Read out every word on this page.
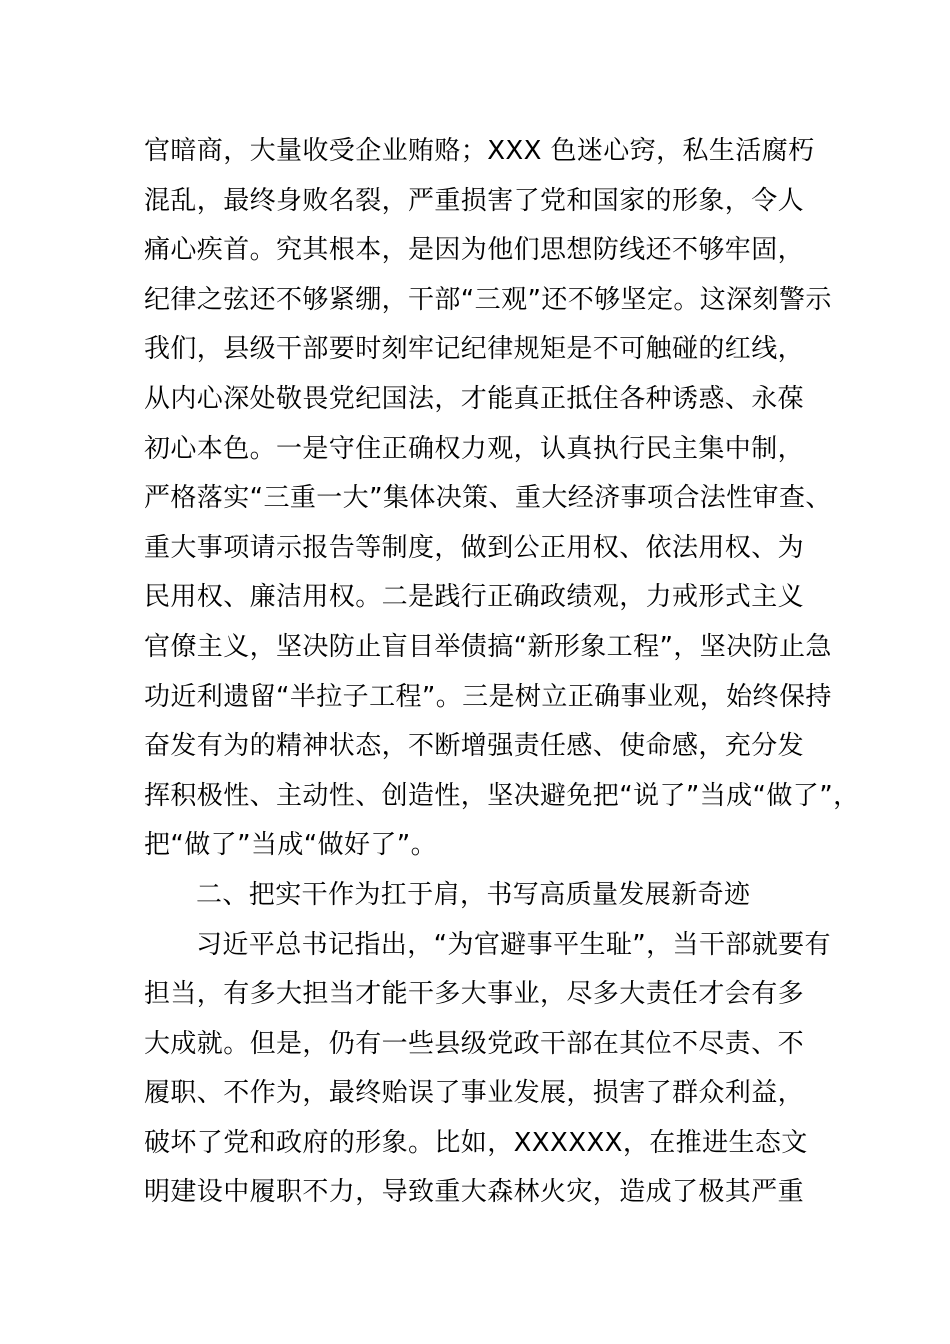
官暗商，大量收受企业贿赂；XXX 色迷心窍，私生活腐朽
混乱，最终身败名裂，严重损害了党和国家的形象，令人
痛心疾首。究其根本，是因为他们思想防线还不够牢固，
纪律之弦还不够紧绷，干部“三观”还不够坚定。这深刻警示
我们，县级干部要时刻牢记纪律规矩是不可触碰的红线，
从内心深处敬畏党纪国法，才能真正抵住各种诱惑、永葆
初心本色。一是守住正确权力观，认真执行民主集中制，
严格落实“三重一大”集体决策、重大经济事项合法性审查、
重大事项请示报告等制度，做到公正用权、依法用权、为
民用权、廉洁用权。二是践行正确政绩观，力戒形式主义
官僚主义，坚决防止盲目举债搞“新形象工程”，坚决防止急
功近利遗留“半拉子工程”。三是树立正确事业观，始终保持
奋发有为的精神状态，不断增强责任感、使命感，充分发
挥积极性、主动性、创造性，坚决避免把“说了”当成“做了”，
把“做了”当成“做好了”。
二、把实干作为扛于肩，书写高质量发展新奇迹
习近平总书记指出，“为官避事平生耻”，当干部就要有
担当，有多大担当才能干多大事业，尽多大责任才会有多
大成就。但是，仍有一些县级党政干部在其位不尽责、不
履职、不作为，最终贻误了事业发展，损害了群众利益，
破坏了党和政府的形象。比如，XXXXXX，在推进生态文
明建设中履职不力，导致重大森林火灾，造成了极其严重
